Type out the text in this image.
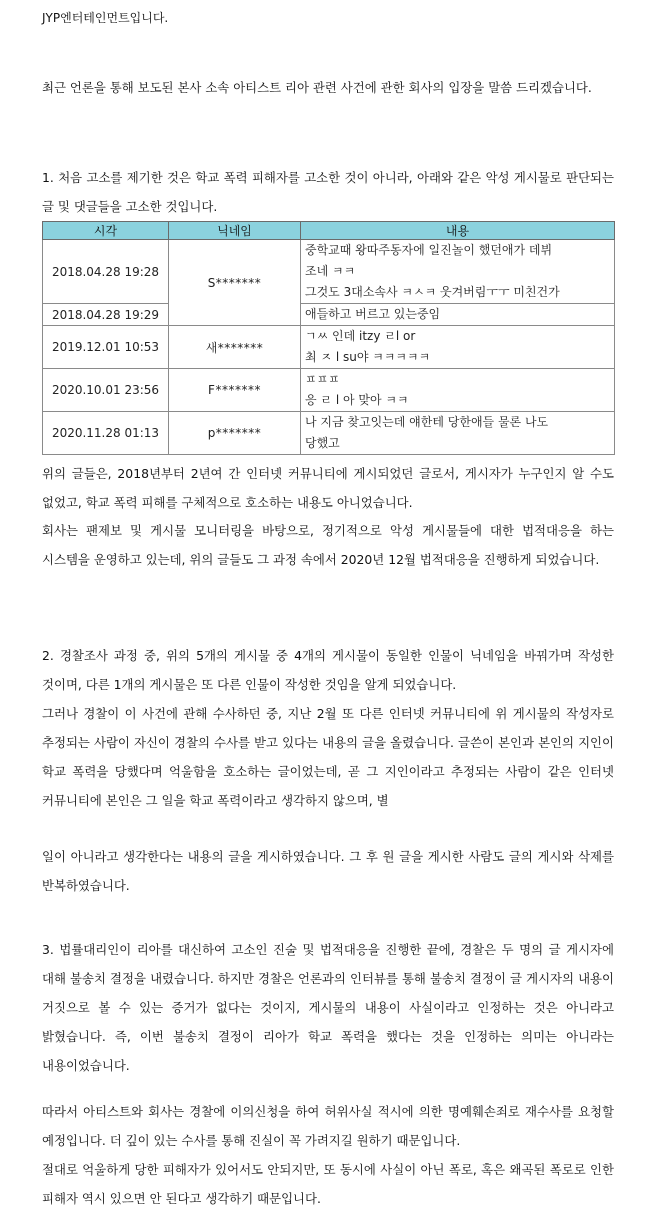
JYP엔터테인먼트입니다.

최근 언론을 통해 보도된 본사 소속 아티스트 리아 관련 사건에 관한 회사의 입장을 말씀 드리겠습니다.

1. 처음 고소를 제기한 것은 학교 폭력 피해자를 고소한 것이 아니라, 아래와 같은 악성 게시물로 판단되는 글 및 댓글들을 고소한 것입니다.

시각	닉네임	내용
2018.04.28 19:28	S*******	중학교때 왕따주동자에 일진놀이 했던애가 데뷔
조네 ㅋㅋ
그것도 3대소속사 ㅋㅅㅋ 웃겨버림ㅜㅜ 미친건가

2018.04.28 19:29		애들하고 버르고 있는중임

2019.12.01 10:53	새*******	ㄱㅆ 인데 itzy ㄹl or
최 ㅈ l su야 ㅋㅋㅋㅋㅋ

2020.10.01 23:56	F*******	ㅍㅍㅍ
응 ㄹ l 아 맞아 ㅋㅋ

2020.11.28 01:13	p*******	나 지금 찾고잇는데 얘한테 당한애들 물론 나도
당했고

위의 글들은, 2018년부터 2년여 간 인터넷 커뮤니티에 게시되었던 글로서, 게시자가 누구인지 알 수도 없었고, 학교 폭력 피해를 구체적으로 호소하는 내용도 아니었습니다.

회사는 팬제보 및 게시물 모니터링을 바탕으로, 정기적으로 악성 게시물들에 대한 법적대응을 하는 시스템을 운영하고 있는데, 위의 글들도 그 과정 속에서 2020년 12월 법적대응을 진행하게 되었습니다.

2. 경찰조사 과정 중, 위의 5개의 게시물 중 4개의 게시물이 동일한 인물이 닉네임을 바꿔가며 작성한 것이며, 다른 1개의 게시물은 또 다른 인물이 작성한 것임을 알게 되었습니다.

그러나 경찰이 이 사건에 관해 수사하던 중, 지난 2월 또 다른 인터넷 커뮤니티에 위 게시물의 작성자로 추정되는 사람이 자신이 경찰의 수사를 받고 있다는 내용의 글을 올렸습니다. 글쓴이 본인과 본인의 지인이 학교 폭력을 당했다며 억울함을 호소하는 글이었는데, 곧 그 지인이라고 추정되는 사람이 같은 인터넷 커뮤니티에 본인은 그 일을 학교 폭력이라고 생각하지 않으며, 별

일이 아니라고 생각한다는 내용의 글을 게시하였습니다. 그 후 원 글을 게시한 사람도 글의 게시와 삭제를 반복하였습니다.

3. 법률대리인이 리아를 대신하여 고소인 진술 및 법적대응을 진행한 끝에, 경찰은 두 명의 글 게시자에 대해 불송치 결정을 내렸습니다. 하지만 경찰은 언론과의 인터뷰를 통해 불송치 결정이 글 게시자의 내용이 거짓으로 볼 수 있는 증거가 없다는 것이지, 게시물의 내용이 사실이라고 인정하는 것은 아니라고 밝혔습니다. 즉, 이번 불송치 결정이 리아가 학교 폭력을 했다는 것을 인정하는 의미는 아니라는 내용이었습니다.

따라서 아티스트와 회사는 경찰에 이의신청을 하여 허위사실 적시에 의한 명예훼손죄로 재수사를 요청할 예정입니다. 더 깊이 있는 수사를 통해 진실이 꼭 가려지길 원하기 때문입니다.

절대로 억울하게 당한 피해자가 있어서도 안되지만, 또 동시에 사실이 아닌 폭로, 혹은 왜곡된 폭로로 인한 피해자 역시 있으면 안 된다고 생각하기 때문입니다.
